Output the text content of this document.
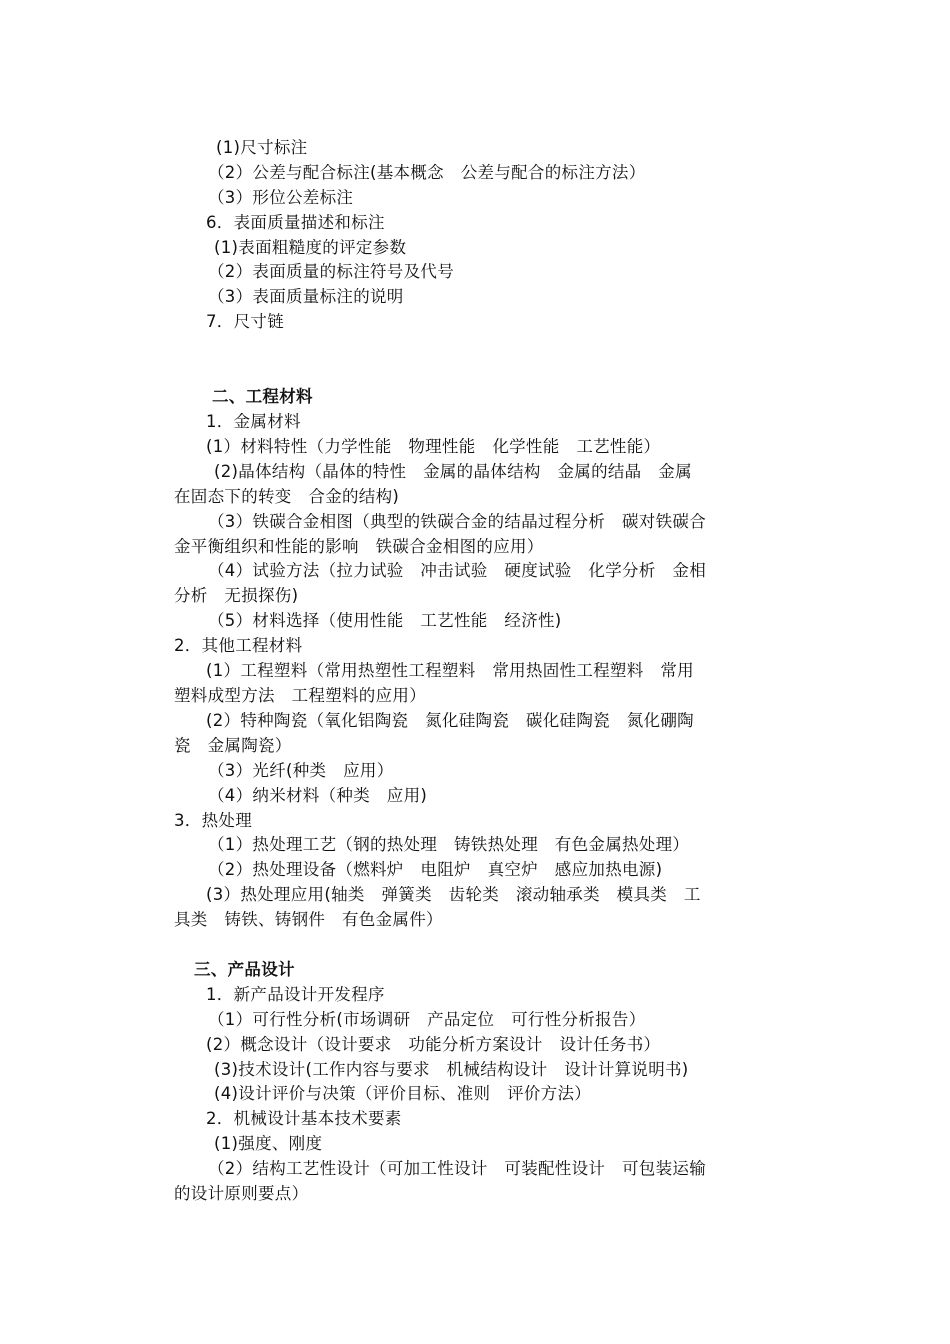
(1)尺寸标注
（2）公差与配合标注(基本概念　公差与配合的标注方法）
（3）形位公差标注
6．表面质量描述和标注
(1)表面粗糙度的评定参数
（2）表面质量的标注符号及代号
（3）表面质量标注的说明
7．尺寸链
二、工程材料
1．金属材料
(1）材料特性（力学性能　物理性能　化学性能　工艺性能）
(2)晶体结构（晶体的特性　金属的晶体结构　金属的结晶　金属
在固态下的转变　合金的结构)
（3）铁碳合金相图（典型的铁碳合金的结晶过程分析　碳对铁碳合
金平衡组织和性能的影响　铁碳合金相图的应用）
（4）试验方法（拉力试验　冲击试验　硬度试验　化学分析　金相
分析　无损探伤)
（5）材料选择（使用性能　工艺性能　经济性)
2．其他工程材料
(1）工程塑料（常用热塑性工程塑料　常用热固性工程塑料　常用
塑料成型方法　工程塑料的应用）
(2）特种陶瓷（氧化铝陶瓷　氮化硅陶瓷　碳化硅陶瓷　氮化硼陶
瓷　金属陶瓷）
（3）光纤(种类　应用）
（4）纳米材料（种类　应用)
3．热处理
（1）热处理工艺（钢的热处理　铸铁热处理　有色金属热处理）
（2）热处理设备（燃料炉　电阻炉　真空炉　感应加热电源)
(3）热处理应用(轴类　弹簧类　齿轮类　滚动轴承类　模具类　工
具类　铸铁、铸钢件　有色金属件）
三、产品设计
1．新产品设计开发程序
（1）可行性分析(市场调研　产品定位　可行性分析报告）
(2）概念设计（设计要求　功能分析方案设计　设计任务书）
(3)技术设计(工作内容与要求　机械结构设计　设计计算说明书)
(4)设计评价与决策（评价目标、准则　评价方法）
2．机械设计基本技术要素
(1)强度、刚度
（2）结构工艺性设计（可加工性设计　可装配性设计　可包装运输
的设计原则要点）
